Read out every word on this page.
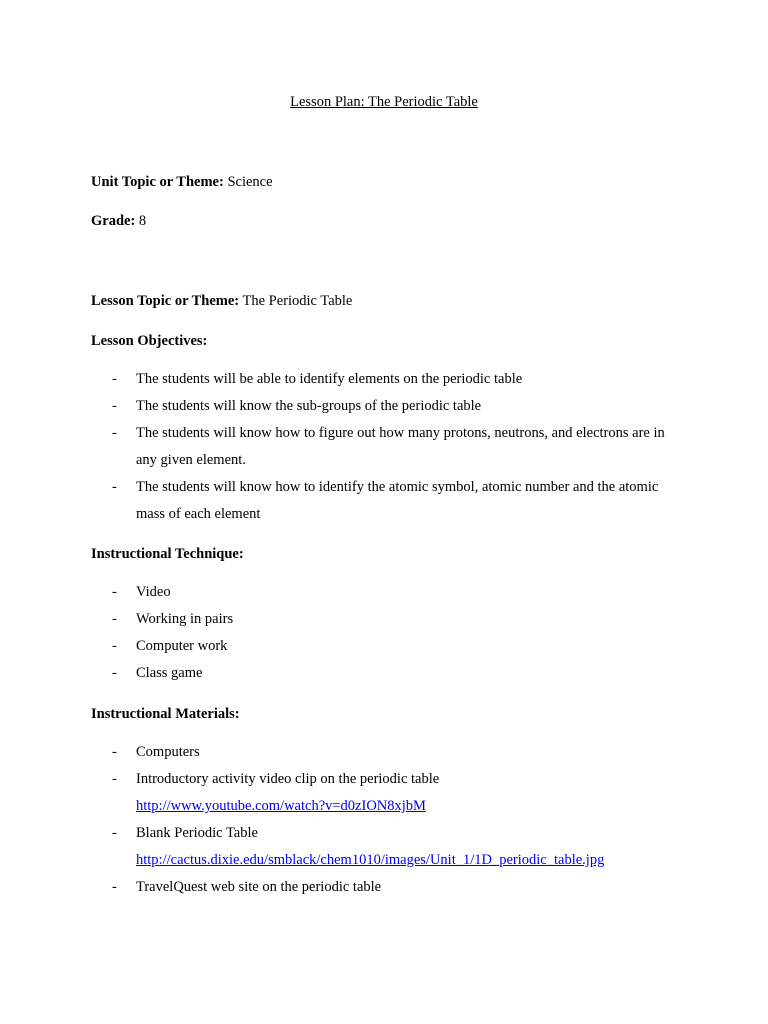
Lesson Plan: The Periodic Table
Unit Topic or Theme: Science
Grade: 8
Lesson Topic or Theme: The Periodic Table
Lesson Objectives:
- The students will be able to identify elements on the periodic table
- The students will know the sub-groups of the periodic table
- The students will know how to figure out how many protons, neutrons, and electrons are in any given element.
- The students will know how to identify the atomic symbol, atomic number and the atomic mass of each element
Instructional Technique:
- Video
- Working in pairs
- Computer work
- Class game
Instructional Materials:
- Computers
- Introductory activity video clip on the periodic table
http://www.youtube.com/watch?v=d0zION8xjbM
- Blank Periodic Table
http://cactus.dixie.edu/smblack/chem1010/images/Unit_1/1D_periodic_table.jpg
- TravelQuest web site on the periodic table
